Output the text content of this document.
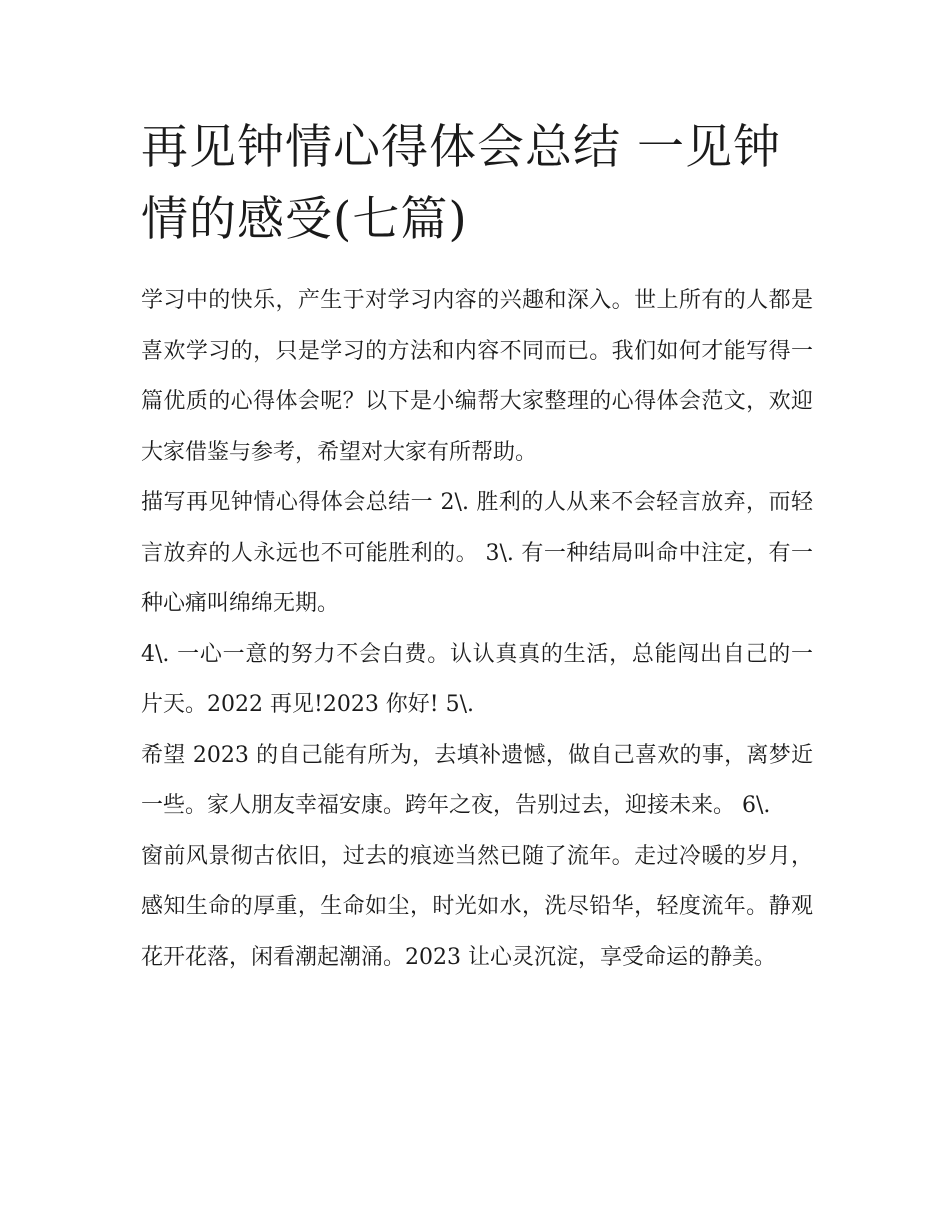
再见钟情心得体会总结 一见钟情的感受(七篇)

学习中的快乐，产生于对学习内容的兴趣和深入。世上所有的人都是喜欢学习的，只是学习的方法和内容不同而已。我们如何才能写得一篇优质的心得体会呢？以下是小编帮大家整理的心得体会范文，欢迎大家借鉴与参考，希望对大家有所帮助。

描写再见钟情心得体会总结一 2\. 胜利的人从来不会轻言放弃，而轻言放弃的人永远也不可能胜利的。 3\. 有一种结局叫命中注定，有一种心痛叫绵绵无期。

4\. 一心一意的努力不会白费。认认真真的生活，总能闯出自己的一片天。2022 再见!2023 你好! 5\.

希望 2023 的自己能有所为，去填补遗憾，做自己喜欢的事，离梦近一些。家人朋友幸福安康。跨年之夜，告别过去，迎接未来。 6\.

窗前风景彻古依旧，过去的痕迹当然已随了流年。走过冷暖的岁月，感知生命的厚重，生命如尘，时光如水，洗尽铅华，轻度流年。静观花开花落，闲看潮起潮涌。2023 让心灵沉淀，享受命运的静美。
